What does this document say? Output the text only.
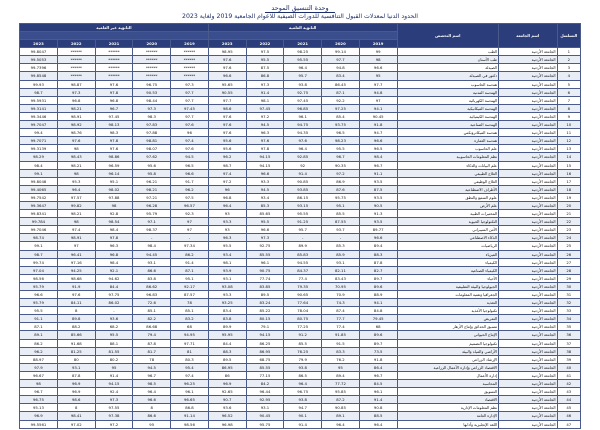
وحدة التنسيق الموحد
الحدود الدنيا لمعدلات القبول التنافسية للدورات الصيفية للاعوام الجامعية 2019 ولغاية 2023
التسلسل	اسم الجامعة	اسم التخصص	الثانوية العلمية					الثانوية غير العلمية				

			2019	2020	2021	2022	2023	2019	2020	2021	2022	2023
1	الجامعة الأردنية	الطب	99	99.14	98.25	97.5	98.95	******	******	******	******	99.8047
2	الجامعة الأردنية	طب الأسنان	98	97.7	95.55	95.5	97.6	******	******	******	******	99.5053
3	الجامعة الأردنية	الصيدلة	96.6	94.8	96.4	87.5	97.6	******	******	******	******	99.7396
4	الجامعة الأردنية	دكتور في الصيدلة	95	83.4	95.7	86.8	96.6	******	******	******	******	99.8548
5	الجامعة الأردنية	هندسة الحاسوب	97.7	86.45	93.8	97.3	95.65	97.3	96.75	97.6	98.87	99.93
6	الجامعة الأردنية	الهندسة المدنية	94.8	87.1	92.75	91.4	90.55	97.7	90.53	97.8	97.3	98.7
7	الجامعة الأردنية	الهندسة الكهربائية	97	92.2	97.45	98.1	97.7	97.7	98.44	96.8	96.8	99.5931
8	الجامعة الأردنية	الهندسة الميكانيكية	94.1	97.25	96.85	97.45	98.6	97.45	97.3	96.7	98.21	99.3141
9	الجامعة الأردنية	الهندسة الكيميائية	90.45	85.4	96.1	97.2	97.6	97.7	98.3	97.45	98.91	99.3446
10	الجامعة الأردنية	الهندسة الصناعية	91.8	93.75	94.75	94.5	97.6	97.6	97.83	98.13	98.92	99.7047
11	الجامعة الأردنية	هندسة الميكاترونكس	94.7	96.5	94.35	96.3	97.6	96	97.88	98.3	98.76	99.4
12	الجامعة الأردنية	هندسة العمارة	96.6	98.23	97.6	97.6	95.6	97.4	98.81	97.8	97.6	99.7071
13	الجامعة الأردنية	علم الحاسوب	96.5	95.5	96.4	97.8	95.6	97.6	98.07	97.6	98	99.3139
14	الجامعة الأردنية	نظم المعلومات الحاسوبية	98.4	96.7	92.85	94.15	96.2	94.5	97.62	98.86	98.43	98.29
15	الجامعة الأردنية	علم البيانات والذكاء	96.7	90.35	92	94.15	98.7	96.5	95.6	96.59	98.21	98.4
16	الجامعة الأردنية	العلاج الطبيعي	91.1	97.2	91.4	96.6	97.4	96.6	95.8	96.14	98	99.1
17	الجامعة الأردنية	العلاج الوظيفي	93.5	86.9	90.85	93.3	97.2	91.7	96.21	95.1	95.3	99.8048
18	الجامعة الأردنية	الأطراف الاصطناعية	87.5	87.6	93.85	94.5	96	96.2	98.21	98.02	96.4	99.4065
19	الجامعة الأردنية	علوم السمع والنطق	93.5	95.75	86.15	93.4	96.8	97.5	97.21	97.88	97.57	99.7542
20	الجامعة الأردنية	علم الأرض	90.5	95.1	93.15	85.3	96.4	96.57	96.28	98	99.82	99.3647
21	الجامعة الأردنية	المختبرات الطبية	91.3	85.5	95.55	85.65	93	92.3	95.79	92.8	98.21	99.8341
22	الجامعة الأردنية	التكنولوجيا الحيوية	93.5	87.55	91.25	95.5	93.3	97	97.1	98.54	98	99.784
23	الجامعة الأردنية	الأمن السيبراني	89.77	93.7	95.7	96.6	93	97	98.37	98.4	97.4	99.7046
24	الجامعة الأردنية	الذكاء الاصطناعي	96.6	-	-	97.3	96.3	-	-	97.8	98.91	98.74
25	الجامعة الأردنية	الرياضيات	89.4	85.3	89.9	92.75	95.5	97.34	98.4	96.3	97	99.1
26	الجامعة الأردنية	الفيزياء	88.3	85.9	85.83	85.55	93.4	86.2	94.45	96.8	96.41	98.7
27	الجامعة الأردنية	الكيمياء	87.8	93.1	94.55	96.1	98.1	91.4	93.1	98.4	97.16	99.74
28	الجامعة الأردنية	الكيمياء الصناعية	82.7	82.11	84.37	90.75	93.9	87.1	86.6	92.1	94.25	97.04
29	الجامعة الأردنية	الأحياء	89.7	83.43	77.4	77.74	93.1	95.1	83.8	94.62	98.68	98.56
30	الجامعة الأردنية	الجيولوجيا والبيئة التطبيقية	89.6	70.95	79.35	83.85	93.08	92.17	86.62	84.4	91.9	95.79
31	الجامعة الأردنية	الجغرافيا وتقنية المعلومات	88.9	70.9	90.65	89.5	93.3	87.57	96.83	97.75	97.6	96.6
32	الجامعة الأردنية	التغذية	94.1	74.3	77.64	83.24	93.25	78	72.6	86.02	84.11	95.79
33	الجامعة الأردنية	تكنولوجيا الأغذية	84.8	87.4	78.04	85.22	83.4	85.1	85.1	-	8	95.5
34	الجامعة الأردنية	التمريض	79.45	77.7	80.75	80.15	83.8	83.2	82.2	93.6	89.8	91.1
35	الجامعة الأردنية	تنسيق الحدائق وإنتاج الأزهار	68	77.4	77.25	79.1	89.9	68	86.68	68.2	88.2	87.1
36	الجامعة الأردنية	الإنتاج الحيواني	89.6	91.85	91.2	94.15	95.95	94.95	79.4	95.5	85.66	89.1
37	الجامعة الأردنية	تكنولوجيا التصميم	89.7	91.5	85.5	86.25	84.4	97.71	87.8	88.1	91.68	86.2
38	الجامعة الأردنية	الأراضي والمياه والبيئة	73.5	83.3	76.25	86.95	88.3	81	81.7	81.55	81.25	96.2
39	الجامعة الأردنية	الإرشاد الزراعي	91.8	76.2	79.9	68.75	89.5	80.3	78	80.2	80	88.97
40	الجامعة الأردنية	الاقتصاد الزراعي وإدارة الأعمال الزراعية	86.4	95	93.8	85.55	86.95	95.4	94.5	95	93.1	97.9
41	الجامعة الأردنية	إدارة الأعمال	96.7	89.4	86.5	77.15	86	97.4	96.7	91.4	87.8	96.67
42	الجامعة الأردنية	المحاسبة	84.5	77.72	96.4	84.2	96.9	96.25	98.5	94.15	96.9	98
43	الجامعة الأردنية	التسويق	96.1	95.85	96.75	96.44	92.65	96.1	96.4	92.4	96.9	96.7
44	الجامعة الأردنية	الاقتصاد	91.4	87.2	93.8	92.95	90.7	96.65	96.6	97.3	98.6	96.75
45	الجامعة الأردنية	نظم المعلومات الإدارية	90.8	90.85	94.7	93.1	93.6	86.8	8	97.55	8	95.13
46	الجامعة الأردنية	الإدارة العامة	88.5	89.1	90.1	90.45	96.52	91.14	86.6	97.38	98.41	96.9
47	الجامعة الأردنية	اللغة الإنجليزية وآدابها	96.4	96.4	91.4	95.75	96.98	98.56	95	97.2	97.02	99.5561
